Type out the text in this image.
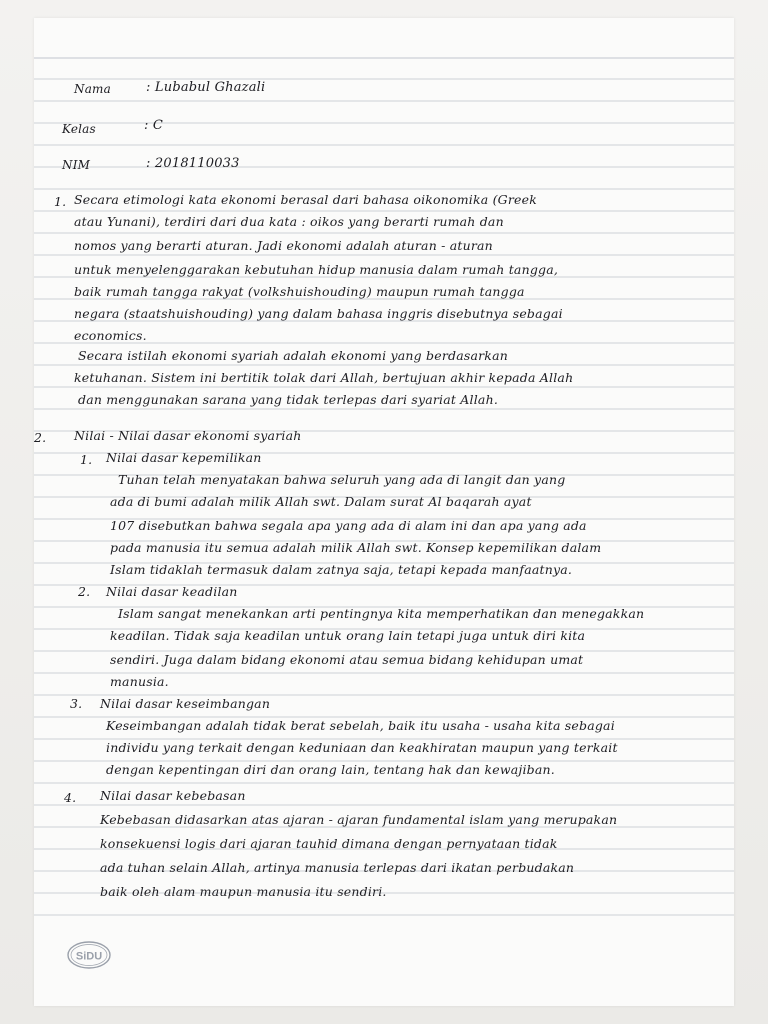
Nama	: Lubabul Ghazali
Kelas	: C
NIM	: 2018110033
1. Secara etimologi kata ekonomi berasal dari bahasa oikonomika (Greek
atau Yunani), terdiri dari dua kata : oikos yang berarti rumah dan
nomos yang berarti aturan. Jadi ekonomi adalah aturan - aturan
untuk menyelenggarakan kebutuhan hidup manusia dalam rumah tangga,
baik rumah tangga rakyat (volkshuishouding) maupun rumah tangga
negara (staatshuishouding) yang dalam bahasa inggris disebutnya sebagai
economics.
Secara istilah ekonomi syariah adalah ekonomi yang berdasarkan
ketuhanan. Sistem ini bertitik tolak dari Allah, bertujuan akhir kepada Allah
dan menggunakan sarana yang tidak terlepas dari syariat Allah.
2. Nilai - Nilai dasar ekonomi syariah
1. Nilai dasar kepemilikan
Tuhan telah menyatakan bahwa seluruh yang ada di langit dan yang
ada di bumi adalah milik Allah swt. Dalam surat Al baqarah ayat
107 disebutkan bahwa segala apa yang ada di alam ini dan apa yang ada
pada manusia itu semua adalah milik Allah swt. Konsep kepemilikan dalam
Islam tidaklah termasuk dalam zatnya saja, tetapi kepada manfaatnya.
2. Nilai dasar keadilan
Islam sangat menekankan arti pentingnya kita memperhatikan dan menegakkan
keadilan. Tidak saja keadilan untuk orang lain tetapi juga untuk diri kita
sendiri. Juga dalam bidang ekonomi atau semua bidang kehidupan umat
manusia.
3. Nilai dasar keseimbangan
Keseimbangan adalah tidak berat sebelah, baik itu usaha - usaha kita sebagai
individu yang terkait dengan keduniaan dan keakhiratan maupun yang terkait
dengan kepentingan diri dan orang lain, tentang hak dan kewajiban.
4. Nilai dasar kebebasan
Kebebasan didasarkan atas ajaran - ajaran fundamental islam yang merupakan
konsekuensi logis dari ajaran tauhid dimana dengan pernyataan tidak
ada tuhan selain Allah, artinya manusia terlepas dari ikatan perbudakan
baik oleh alam maupun manusia itu sendiri.
SiDU
